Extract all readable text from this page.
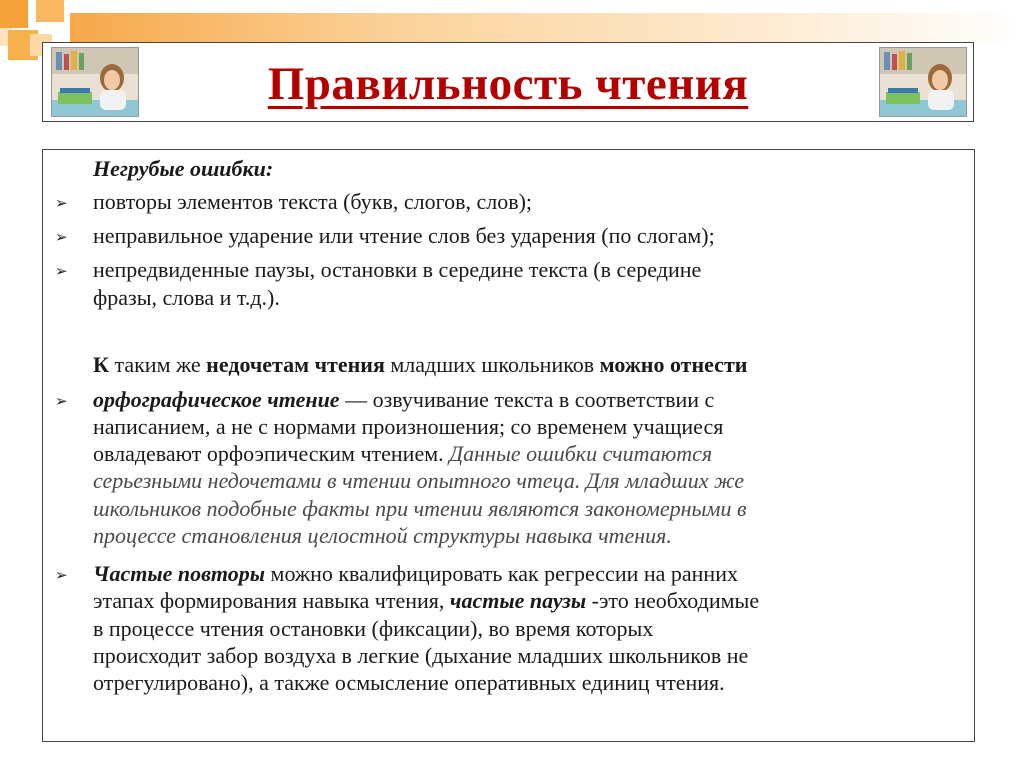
Правильность чтения
Негрубые ошибки:
➢ повторы элементов текста (букв, слогов, слов);
➢ неправильное ударение или чтение слов без ударения (по слогам);
➢ непредвиденные паузы, остановки в середине текста (в середине
фразы, слова и т.д.).
К таким же недочетам чтения младших школьников можно отнести
➢ орфографическое чтение — озвучивание текста в соответствии с
написанием, а не с нормами произношения; со временем учащиеся
овладевают орфоэпическим чтением. Данные ошибки считаются
серьезными недочетами в чтении опытного чтеца. Для младших же
школьников подобные факты при чтении являются закономерными в
процессе становления целостной структуры навыка чтения.
➢ Частые повторы можно квалифицировать как регрессии на ранних
этапах формирования навыка чтения, частые паузы -это необходимые
в процессе чтения остановки (фиксации), во время которых
происходит забор воздуха в легкие (дыхание младших школьников не
отрегулировано), а также осмысление оперативных единиц чтения.
